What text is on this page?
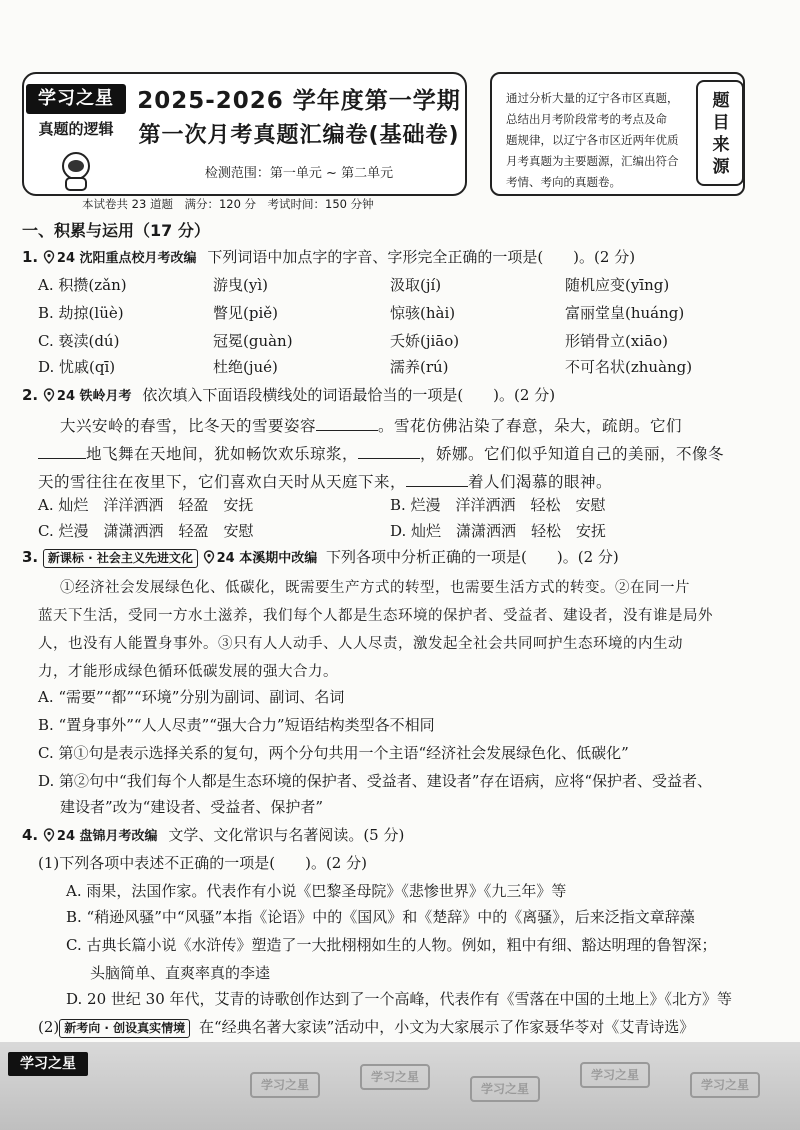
学习之星
真题的逻辑
2025-2026 学年度第一学期
第一次月考真题汇编卷(基础卷)
检测范围：第一单元 ~ 第二单元
通过分析大量的辽宁各市区真题，
总结出月考阶段常考的考点及命
题规律，以辽宁各市区近两年优质
月考真题为主要题源，汇编出符合
考情、考向的真题卷。
题
目
来
源
本试卷共 23 道题　满分：120 分　考试时间：150 分钟
一、积累与运用（17 分）
1. 24 沈阳重点校月考改编 下列词语中加点字的字音、字形完全正确的一项是(　　)。(2 分)
A. 积攒(zǎn)	游曳(yì)	汲取(jí)	随机应变(yīng)
B. 劫掠(lüè)	瞥见(piě)	惊骇(hài)	富丽堂皇(huáng)
C. 亵渎(dú)	冠冕(guàn)	夭娇(jiāo)	形销骨立(xiāo)
D. 忧戚(qī)	杜绝(jué)	濡养(rú)	不可名状(zhuàng)
2. 24 铁岭月考 依次填入下面语段横线处的词语最恰当的一项是(　　)。(2 分)
大兴安岭的春雪，比冬天的雪要姿容	。雪花仿佛沾染了春意，朵大，疏朗。它们
地飞舞在天地间，犹如畅饮欢乐琼浆，	，娇娜。它们似乎知道自己的美丽，不像冬
天的雪往往在夜里下，它们喜欢白天时从天庭下来，	着人们渴慕的眼神。
A. 灿烂　洋洋洒洒　轻盈　安抚	B. 烂漫　洋洋洒洒　轻松　安慰
C. 烂漫　潇潇洒洒　轻盈　安慰	D. 灿烂　潇潇洒洒　轻松　安抚
3. 新课标 · 社会主义先进文化 24 本溪期中改编 下列各项中分析正确的一项是(　　)。(2 分)
①经济社会发展绿色化、低碳化，既需要生产方式的转型，也需要生活方式的转变。②在同一片
蓝天下生活，受同一方水土滋养，我们每个人都是生态环境的保护者、受益者、建设者，没有谁是局外
人，也没有人能置身事外。③只有人人动手、人人尽责，激发起全社会共同呵护生态环境的内生动
力，才能形成绿色循环低碳发展的强大合力。
A. “需要”“都”“环境”分别为副词、副词、名词
B. “置身事外”“人人尽责”“强大合力”短语结构类型各不相同
C. 第①句是表示选择关系的复句，两个分句共用一个主语“经济社会发展绿色化、低碳化”
D. 第②句中“我们每个人都是生态环境的保护者、受益者、建设者”存在语病，应将“保护者、受益者、
建设者”改为“建设者、受益者、保护者”
4. 24 盘锦月考改编 文学、文化常识与名著阅读。(5 分)
(1)下列各项中表述不正确的一项是(　　)。(2 分)
A. 雨果，法国作家。代表作有小说《巴黎圣母院》《悲惨世界》《九三年》等
B. “稍逊风骚”中“风骚”本指《论语》中的《国风》和《楚辞》中的《离骚》，后来泛指文章辞藻
C. 古典长篇小说《水浒传》塑造了一大批栩栩如生的人物。例如，粗中有细、豁达明理的鲁智深；
头脑简单、直爽率真的李逵
D. 20 世纪 30 年代，艾青的诗歌创作达到了一个高峰，代表作有《雪落在中国的土地上》《北方》等
(2) 新考向 · 创设真实情境 在“经典名著大家读”活动中，小文为大家展示了作家聂华苓对《艾青诗选》
学习之星
学习之星
学习之星
学习之星
学习之星
学习之星
